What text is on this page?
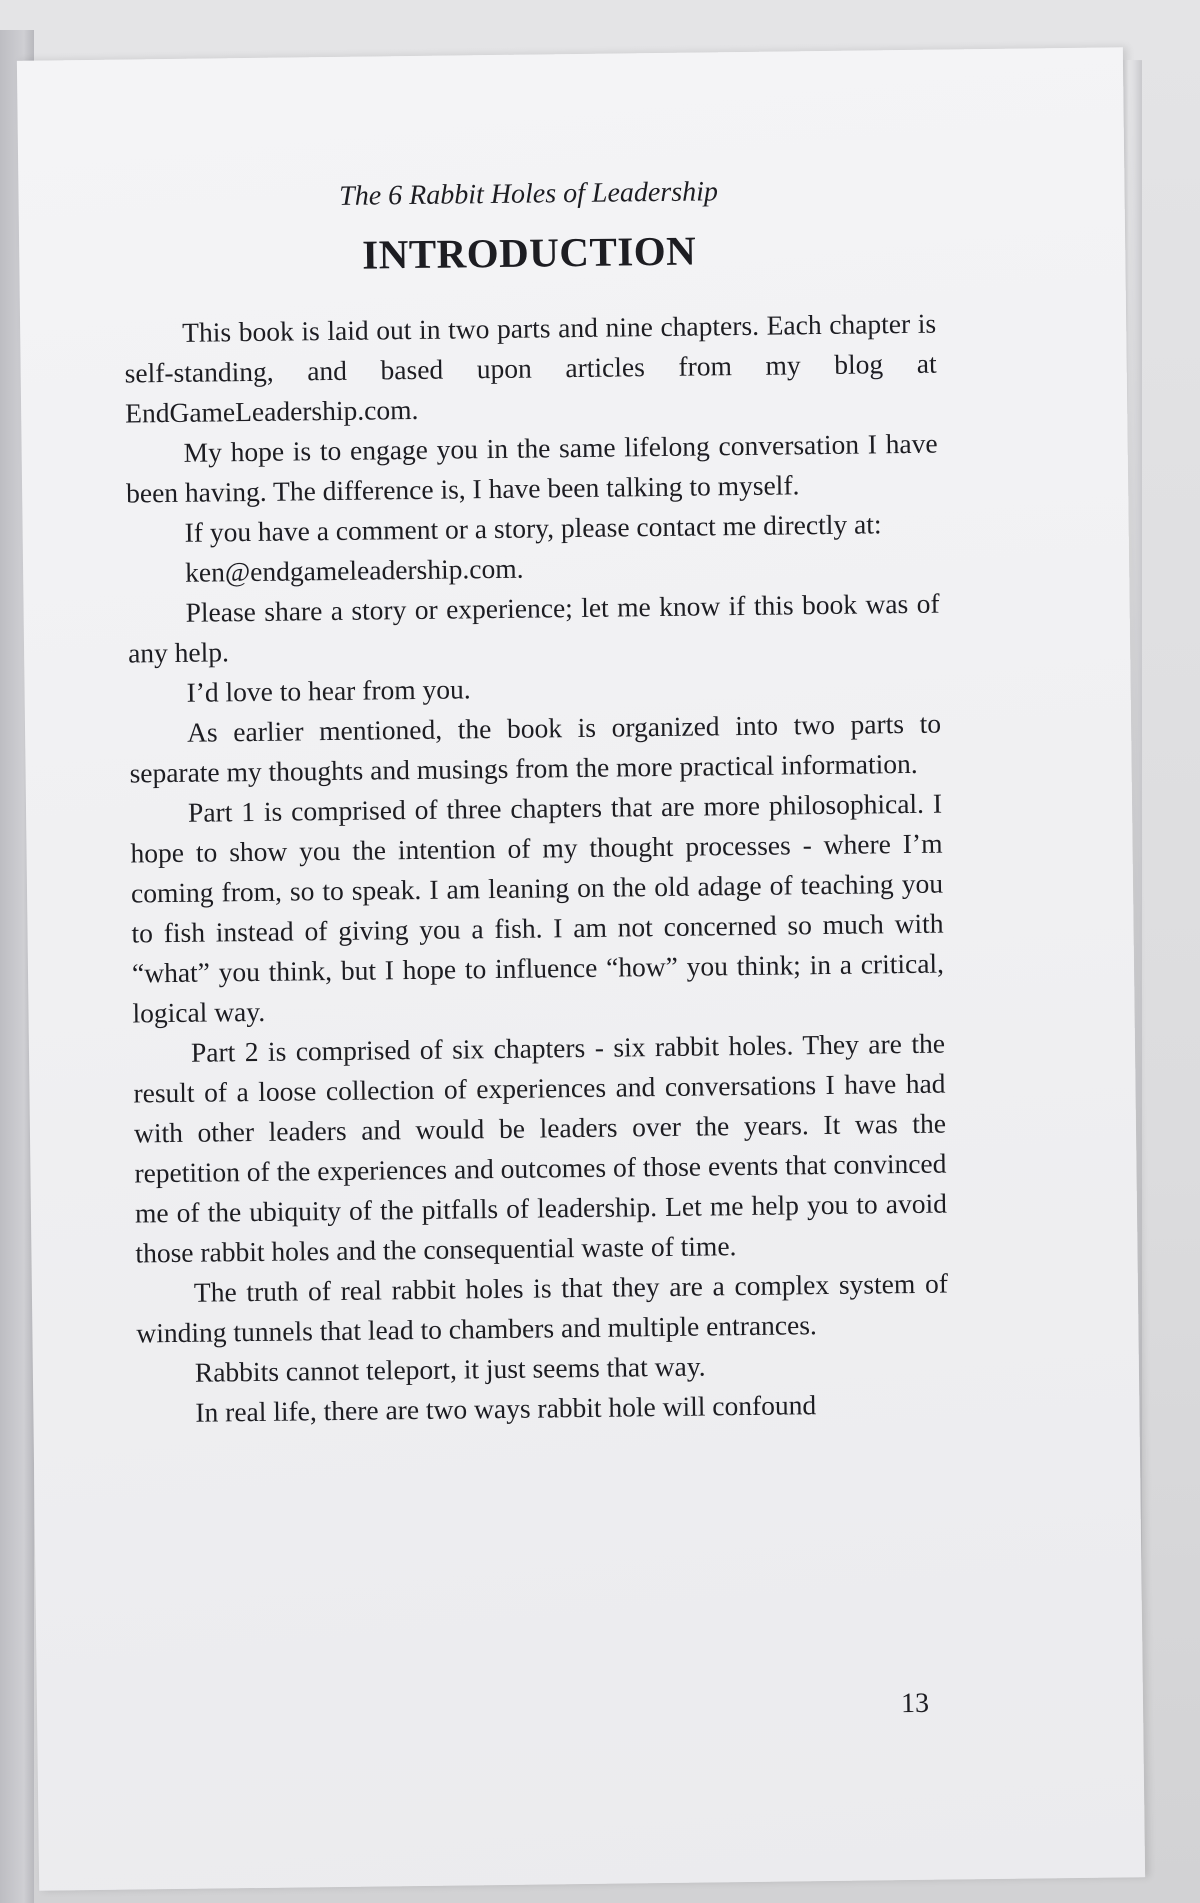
​
The 6 Rabbit Holes of Leadership
INTRODUCTION

This book is laid out in two parts and nine chapters. Each chapter is self-standing, and based upon articles from my blog at EndGameLeadership.com.

My hope is to engage you in the same lifelong conversation I have been having. The difference is, I have been talking to myself.

If you have a comment or a story, please contact me directly at:

ken@endgameleadership.com.

Please share a story or experience; let me know if this book was of any help.

I’d love to hear from you.

As earlier mentioned, the book is organized into two parts to separate my thoughts and musings from the more practical information.

Part 1 is comprised of three chapters that are more philosophical. I hope to show you the intention of my thought processes - where I’m coming from, so to speak. I am leaning on the old adage of teaching you to fish instead of giving you a fish. I am not concerned so much with “what” you think, but I hope to influence “how” you think; in a critical, logical way.

Part 2 is comprised of six chapters - six rabbit holes. They are the result of a loose collection of experiences and conversations I have had with other leaders and would be leaders over the years. It was the repetition of the experiences and outcomes of those events that convinced me of the ubiquity of the pitfalls of leadership. Let me help you to avoid those rabbit holes and the consequential waste of time.

The truth of real rabbit holes is that they are a complex system of winding tunnels that lead to chambers and multiple entrances.

Rabbits cannot teleport, it just seems that way.

In real life, there are two ways rabbit hole will confound

13
